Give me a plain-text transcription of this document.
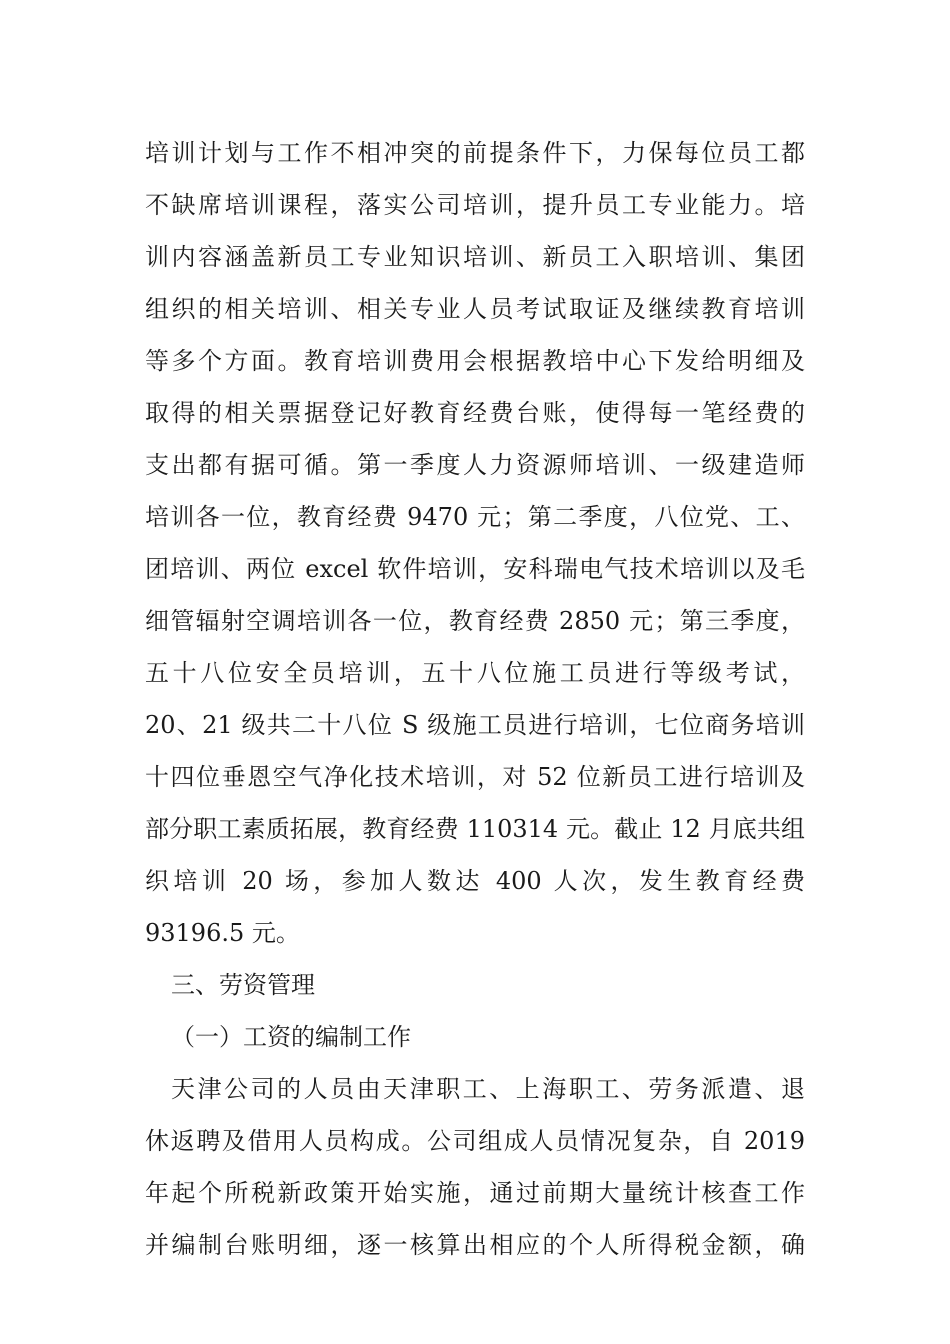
培训计划与工作不相冲突的前提条件下，力保每位员工都
不缺席培训课程，落实公司培训，提升员工专业能力。培
训内容涵盖新员工专业知识培训、新员工入职培训、集团
组织的相关培训、相关专业人员考试取证及继续教育培训
等多个方面。教育培训费用会根据教培中心下发给明细及
取得的相关票据登记好教育经费台账，使得每一笔经费的
支出都有据可循。第一季度人力资源师培训、一级建造师
培训各一位，教育经费 9470 元；第二季度，八位党、工、
团培训、两位 excel 软件培训，安科瑞电气技术培训以及毛
细管辐射空调培训各一位，教育经费 2850 元；第三季度，
五十八位安全员培训，五十八位施工员进行等级考试，
20、21 级共二十八位 S 级施工员进行培训，七位商务培训
十四位垂恩空气净化技术培训，对 52 位新员工进行培训及
部分职工素质拓展，教育经费 110314 元。截止 12 月底共组
织培训 20 场，参加人数达 400 人次，发生教育经费
93196.5 元。
三、劳资管理
（一）工资的编制工作
天津公司的人员由天津职工、上海职工、劳务派遣、退
休返聘及借用人员构成。公司组成人员情况复杂，自 2019
年起个所税新政策开始实施，通过前期大量统计核查工作
并编制台账明细，逐一核算出相应的个人所得税金额，确
